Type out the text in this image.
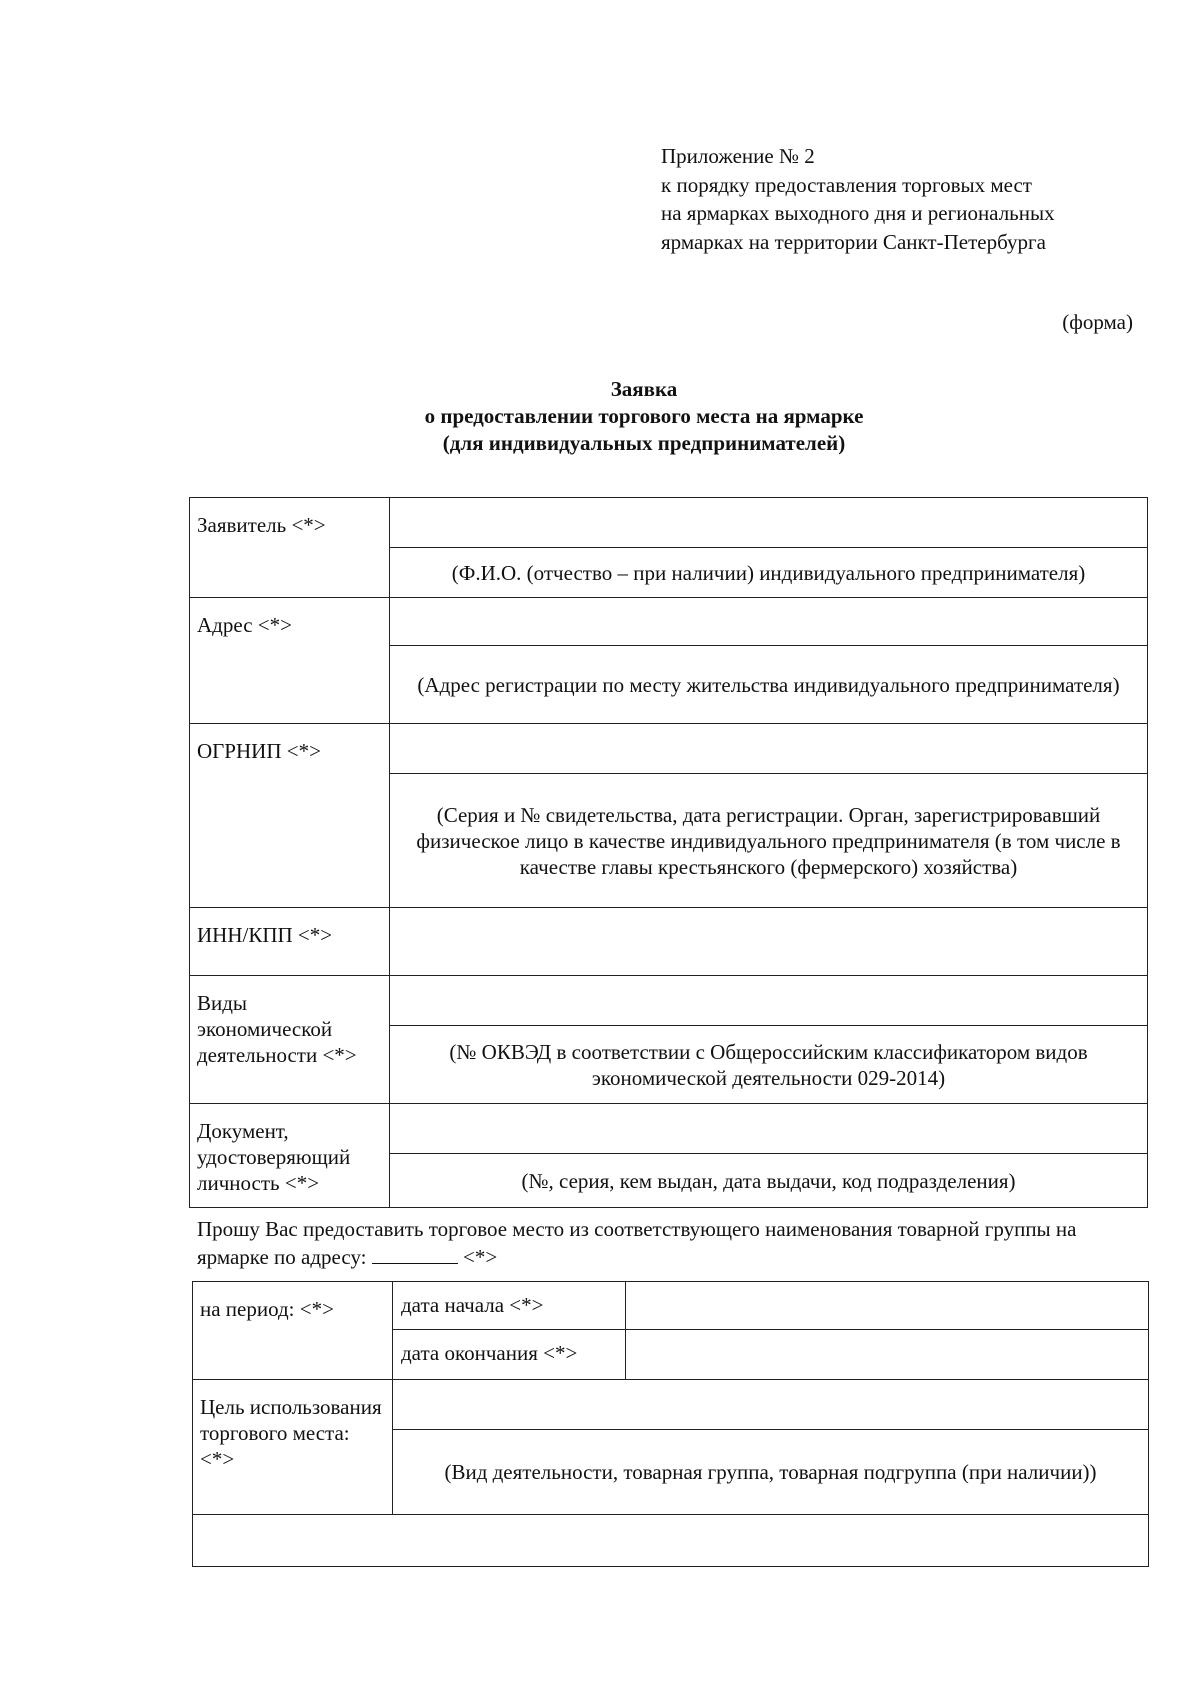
Приложение № 2
к порядку предоставления торговых мест
на ярмарках выходного дня и региональных
ярмарках на территории Санкт-Петербурга
(форма)
Заявка
о предоставлении торгового места на ярмарке
(для индивидуальных предпринимателей)
Заявитель <*>	
	(Ф.И.О. (отчество – при наличии) индивидуального предпринимателя)
Адрес <*>	
	(Адрес регистрации по месту жительства индивидуального предпринимателя)
ОГРНИП <*>	
	(Серия и № свидетельства, дата регистрации. Орган, зарегистрировавший физическое лицо в качестве индивидуального предпринимателя (в том числе в качестве главы крестьянского (фермерского) хозяйства)
ИНН/КПП <*>	
Виды экономической деятельности <*>	
	(№ ОКВЭД в соответствии с Общероссийским классификатором видов экономической деятельности 029-2014)
Документ, удостоверяющий личность <*>	
	(№, серия, кем выдан, дата выдачи, код подразделения)
Прошу Вас предоставить торговое место из соответствующего наименования товарной группы на ярмарке по адресу:	<*>
на период: <*>	дата начала <*>	
	дата окончания <*>	
Цель использования торгового места: <*>		
	(Вид деятельности, товарная группа, товарная подгруппа (при наличии))	
